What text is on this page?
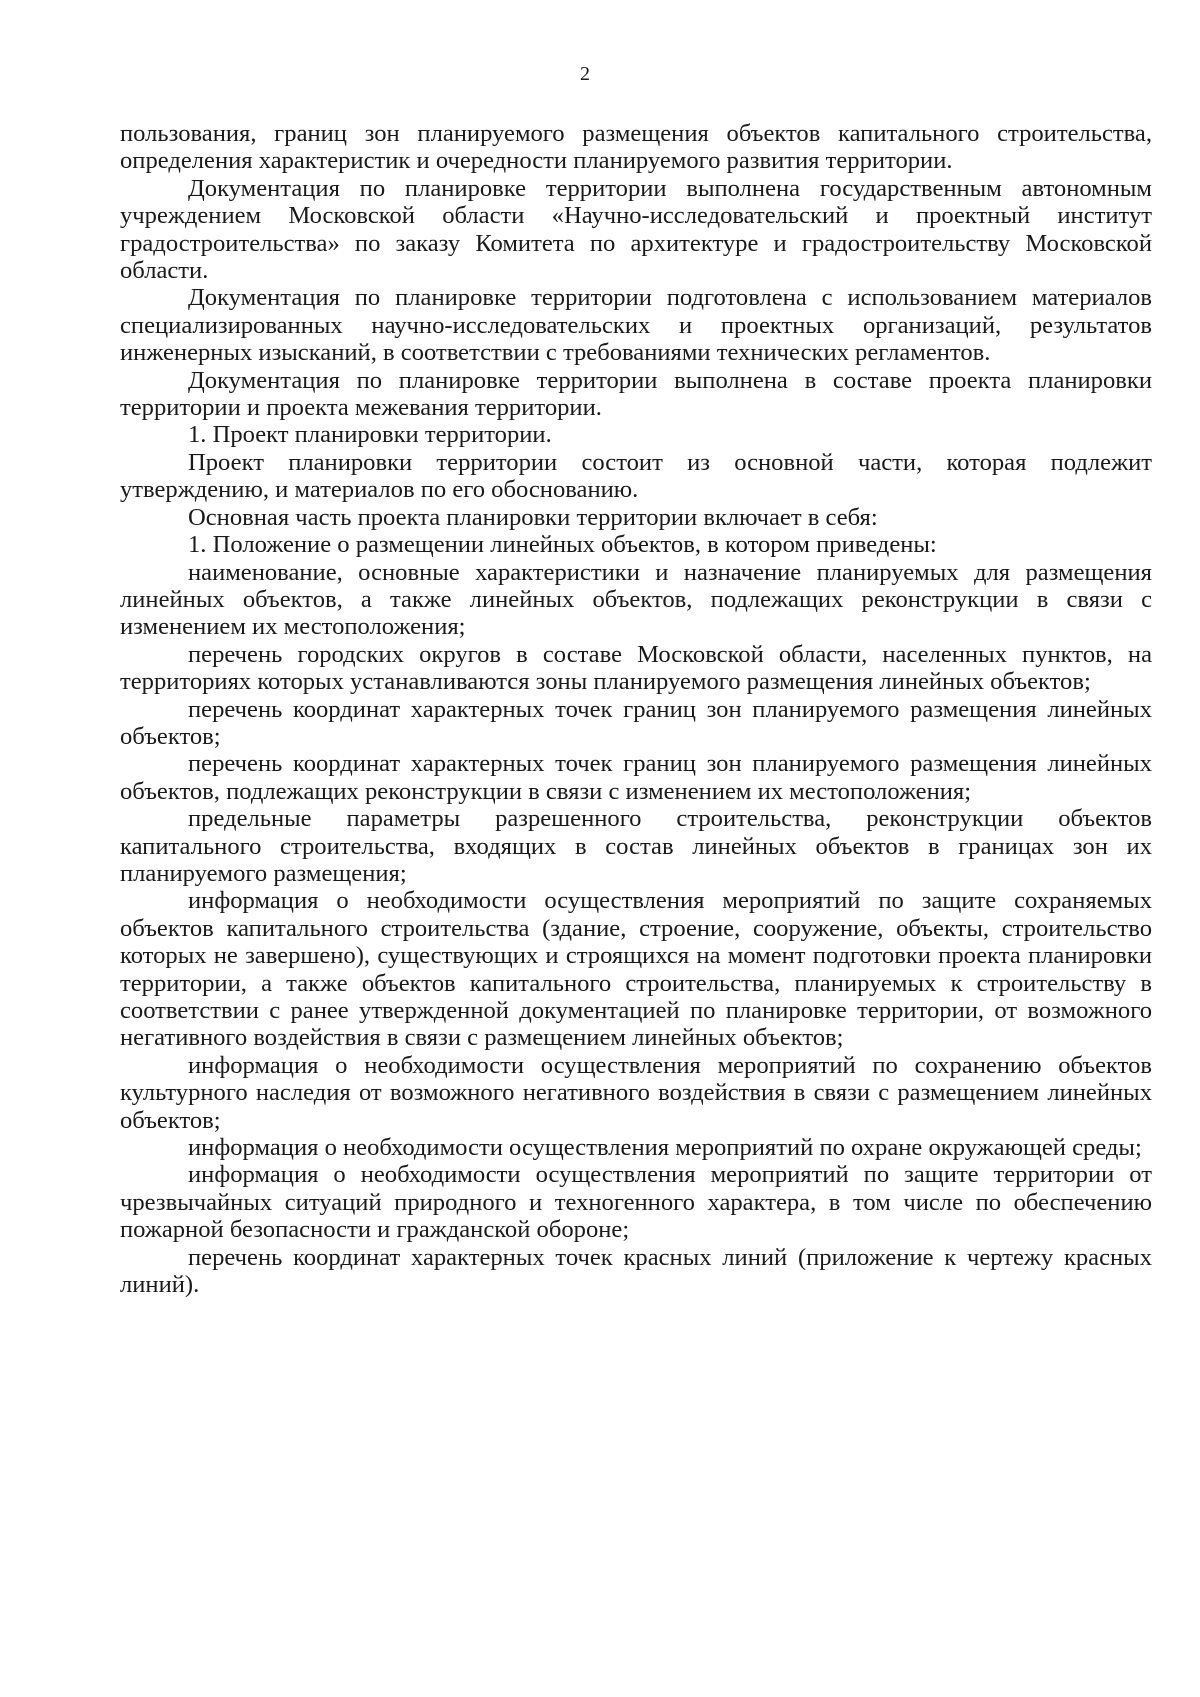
2

пользования, границ зон планируемого размещения объектов капитального строительства, определения характеристик и очередности планируемого развития территории.

Документация по планировке территории выполнена государственным автономным учреждением Московской области «Научно-исследовательский и проектный институт градостроительства» по заказу Комитета по архитектуре и градостроительству Московской области.

Документация по планировке территории подготовлена с использованием материалов специализированных научно-исследовательских и проектных организаций, результатов инженерных изысканий, в соответствии с требованиями технических регламентов.

Документация по планировке территории выполнена в составе проекта планировки территории и проекта межевания территории.

1. Проект планировки территории.

Проект планировки территории состоит из основной части, которая подлежит утверждению, и материалов по его обоснованию.

Основная часть проекта планировки территории включает в себя:

1. Положение о размещении линейных объектов, в котором приведены:

наименование, основные характеристики и назначение планируемых для размещения линейных объектов, а также линейных объектов, подлежащих реконструкции в связи с изменением их местоположения;

перечень городских округов в составе Московской области, населенных пунктов, на территориях которых устанавливаются зоны планируемого размещения линейных объектов;

перечень координат характерных точек границ зон планируемого размещения линейных объектов;

перечень координат характерных точек границ зон планируемого размещения линейных объектов, подлежащих реконструкции в связи с изменением их местоположения;

предельные параметры разрешенного строительства, реконструкции объектов капитального строительства, входящих в состав линейных объектов в границах зон их планируемого размещения;

информация о необходимости осуществления мероприятий по защите сохраняемых объектов капитального строительства (здание, строение, сооружение, объекты, строительство которых не завершено), существующих и строящихся на момент подготовки проекта планировки территории, а также объектов капитального строительства, планируемых к строительству в соответствии с ранее утвержденной документацией по планировке территории, от возможного негативного воздействия в связи с размещением линейных объектов;

информация о необходимости осуществления мероприятий по сохранению объектов культурного наследия от возможного негативного воздействия в связи с размещением линейных объектов;

информация о необходимости осуществления мероприятий по охране окружающей среды;

информация о необходимости осуществления мероприятий по защите территории от чрезвычайных ситуаций природного и техногенного характера, в том числе по обеспечению пожарной безопасности и гражданской обороне;

перечень координат характерных точек красных линий (приложение к чертежу красных линий).
